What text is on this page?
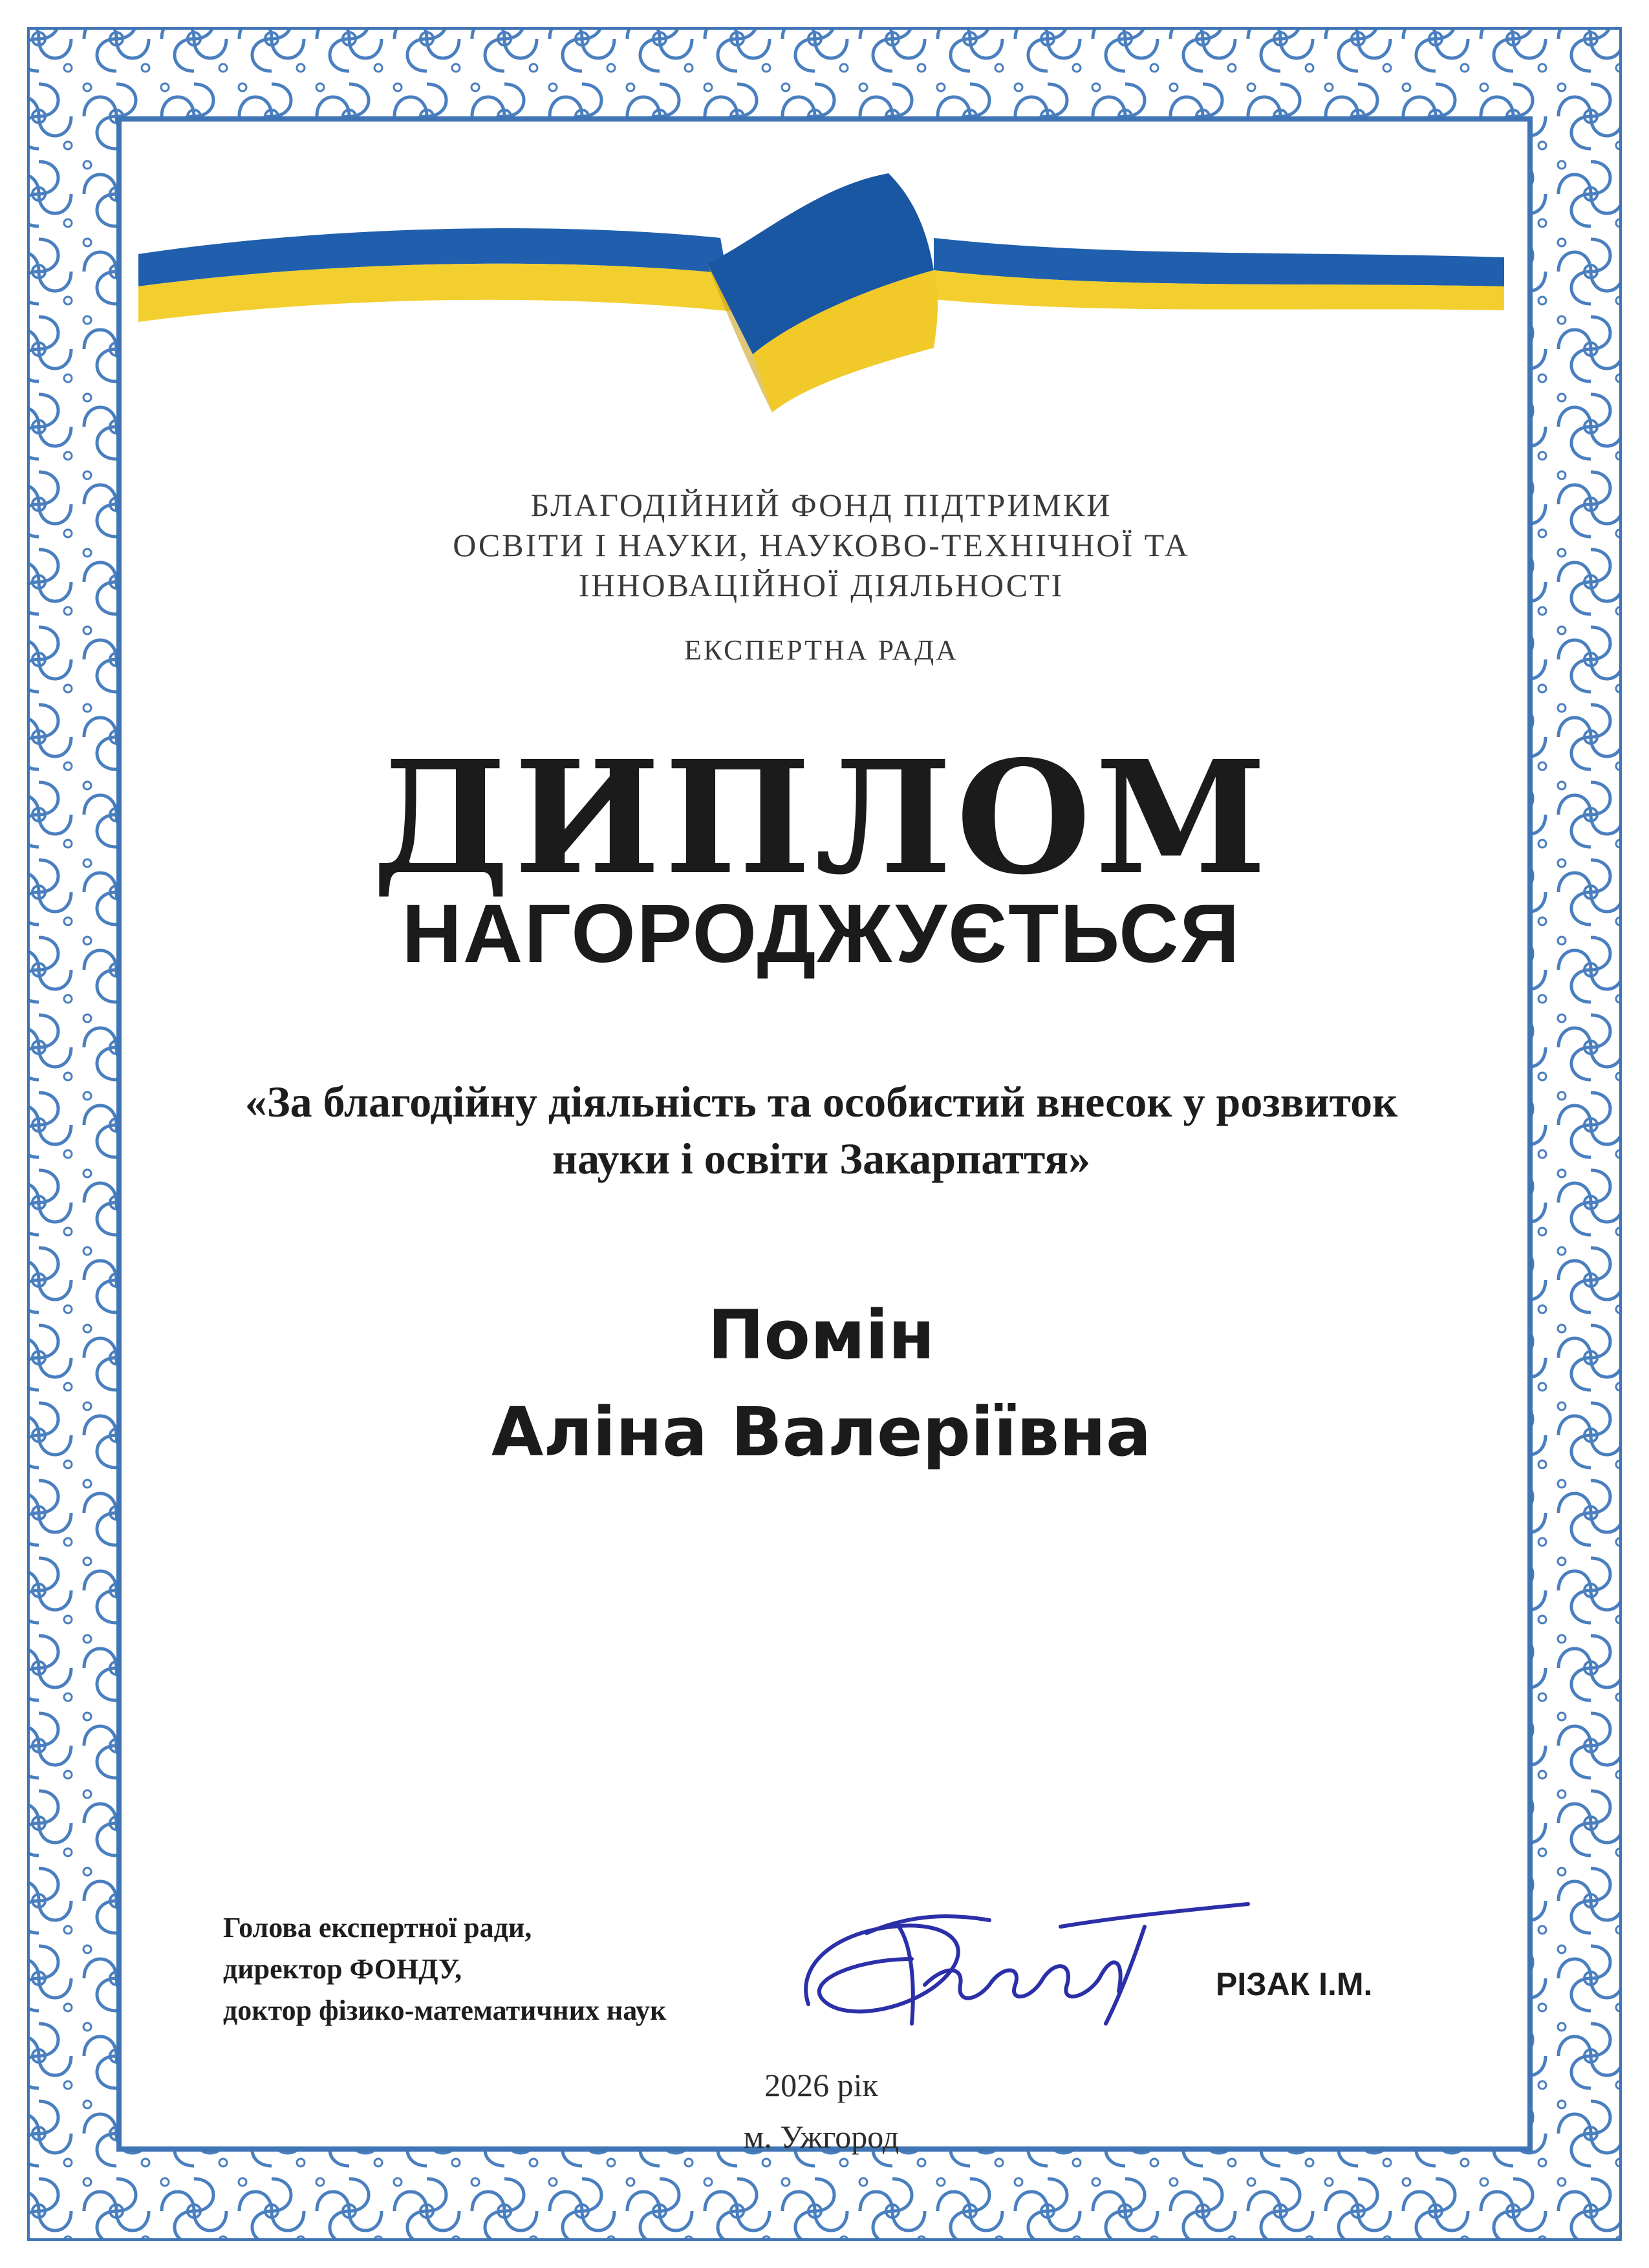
БЛАГОДІЙНИЙ ФОНД ПІДТРИМКИ
ОСВІТИ І НАУКИ, НАУКОВО-ТЕХНІЧНОЇ ТА
ІННОВАЦІЙНОЇ ДІЯЛЬНОСТІ
ЕКСПЕРТНА РАДА
ДИПЛОМ
НАГОРОДЖУЄТЬСЯ
«За благодійну діяльність та особистий внесок у розвиток
науки і освіти Закарпаття»
Помін
Аліна Валеріївна
Голова експертної ради,
директор ФОНДУ,
доктор фізико-математичних наук
РІЗАК І.М.
2026 рік
м. Ужгород
